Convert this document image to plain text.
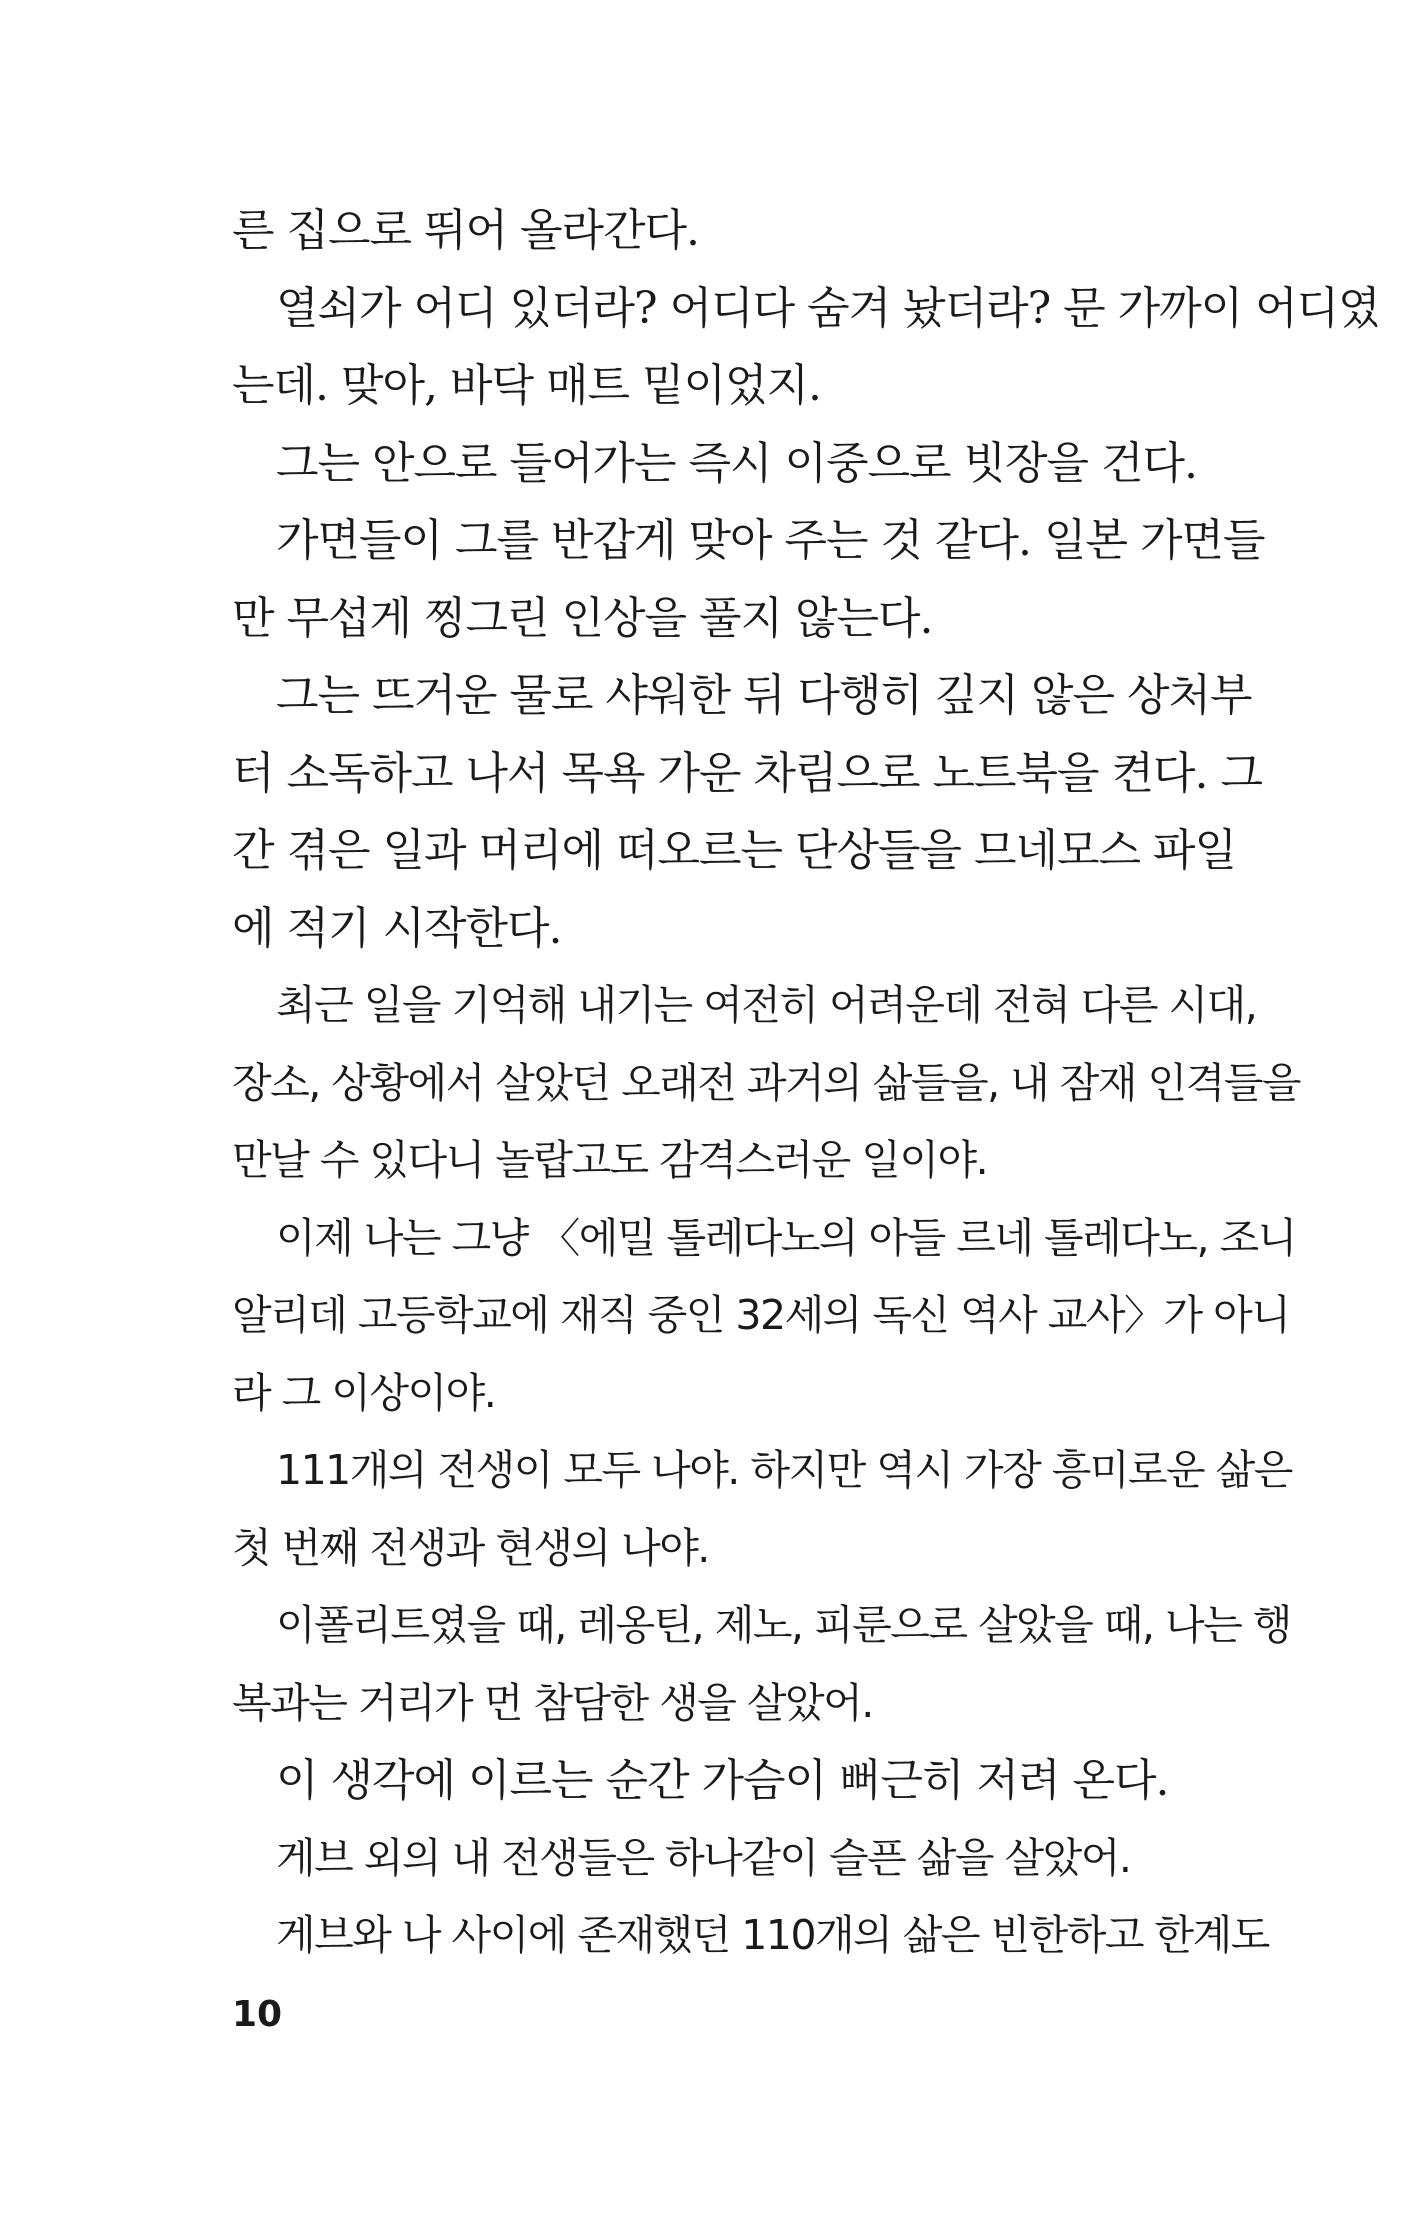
른 집으로 뛰어 올라간다.
열쇠가 어디 있더라? 어디다 숨겨 놨더라? 문 가까이 어디였
는데. 맞아, 바닥 매트 밑이었지.
그는 안으로 들어가는 즉시 이중으로 빗장을 건다.
가면들이 그를 반갑게 맞아 주는 것 같다. 일본 가면들
만 무섭게 찡그린 인상을 풀지 않는다.
그는 뜨거운 물로 샤워한 뒤 다행히 깊지 않은 상처부
터 소독하고 나서 목욕 가운 차림으로 노트북을 켠다. 그
간 겪은 일과 머리에 떠오르는 단상들을 므네모스 파일
에 적기 시작한다.
최근 일을 기억해 내기는 여전히 어려운데 전혀 다른 시대,
장소, 상황에서 살았던 오래전 과거의 삶들을, 내 잠재 인격들을
만날 수 있다니 놀랍고도 감격스러운 일이야.
이제 나는 그냥 〈에밀 톨레다노의 아들 르네 톨레다노, 조니
알리데 고등학교에 재직 중인 32세의 독신 역사 교사〉가 아니
라 그 이상이야.
111개의 전생이 모두 나야. 하지만 역시 가장 흥미로운 삶은
첫 번째 전생과 현생의 나야.
이폴리트였을 때, 레옹틴, 제노, 피룬으로 살았을 때, 나는 행
복과는 거리가 먼 참담한 생을 살았어.
이 생각에 이르는 순간 가슴이 뻐근히 저려 온다.
게브 외의 내 전생들은 하나같이 슬픈 삶을 살았어.
게브와 나 사이에 존재했던 110개의 삶은 빈한하고 한계도
10
